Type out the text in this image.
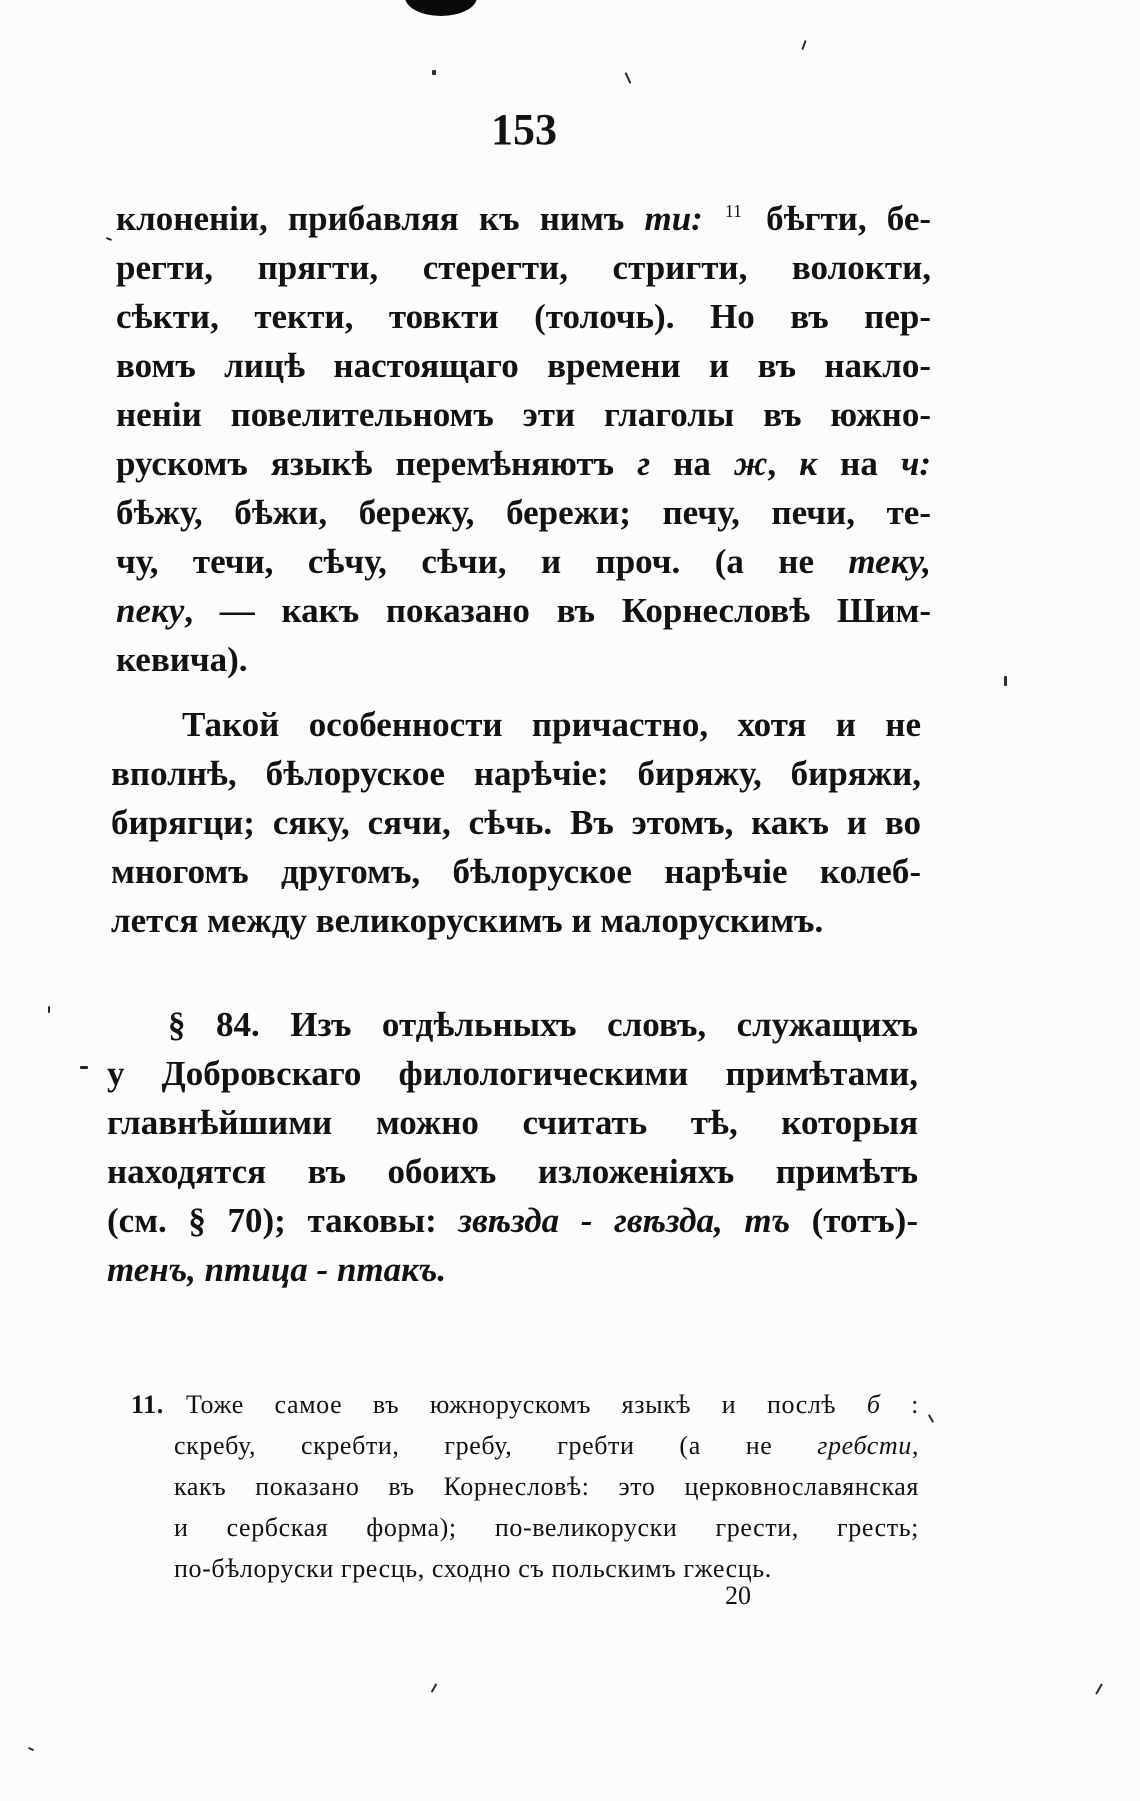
153
клоненіи, прибавляя къ нимъ ти: $^{11}$ бѣгти, бе-
регти, прягти, стерегти, стригти, волокти,
сѣкти, текти, товкти (толочь). Но въ пер-
вомъ лицѣ настоящаго времени и въ накло-
неніи повелительномъ эти глаголы въ южно-
рускомъ языкѣ перемѣняютъ г на ж, к на ч:
бѣжу, бѣжи, бережу, бережи; печу, печи, те-
чу, течи, сѣчу, сѣчи, и проч. (а не теку,
пеку, — какъ показано въ Корнесловѣ Шим-
кевича).
Такой особенности причастно, хотя и не
вполнѣ, бѣлоруское нарѣчіе: биряжу, биряжи,
бирягци; сяку, сячи, сѣчь. Въ этомъ, какъ и во
многомъ другомъ, бѣлоруское нарѣчіе колеб-
лется между великорускимъ и малорускимъ.
§ 84. Изъ отдѣльныхъ словъ, служащихъ
у Добровскаго филологическими примѣтами,
главнѣйшими можно считать тѣ, которыя
находятся въ обоихъ изложеніяхъ примѣтъ
(см. § 70); таковы: звѣзда - гвѣзда, тъ (тотъ)-
тенъ, птица - птакъ.
11. Тоже самое въ южнорускомъ языкѣ и послѣ б :
скребу, скребти, гребу, гребти (а не гребсти,
какъ показано въ Корнесловѣ: это церковнославянская
и сербская форма); по-великоруски грести, гресть;
по-бѣлоруски гресць, сходно съ польскимъ гжесць.
20
